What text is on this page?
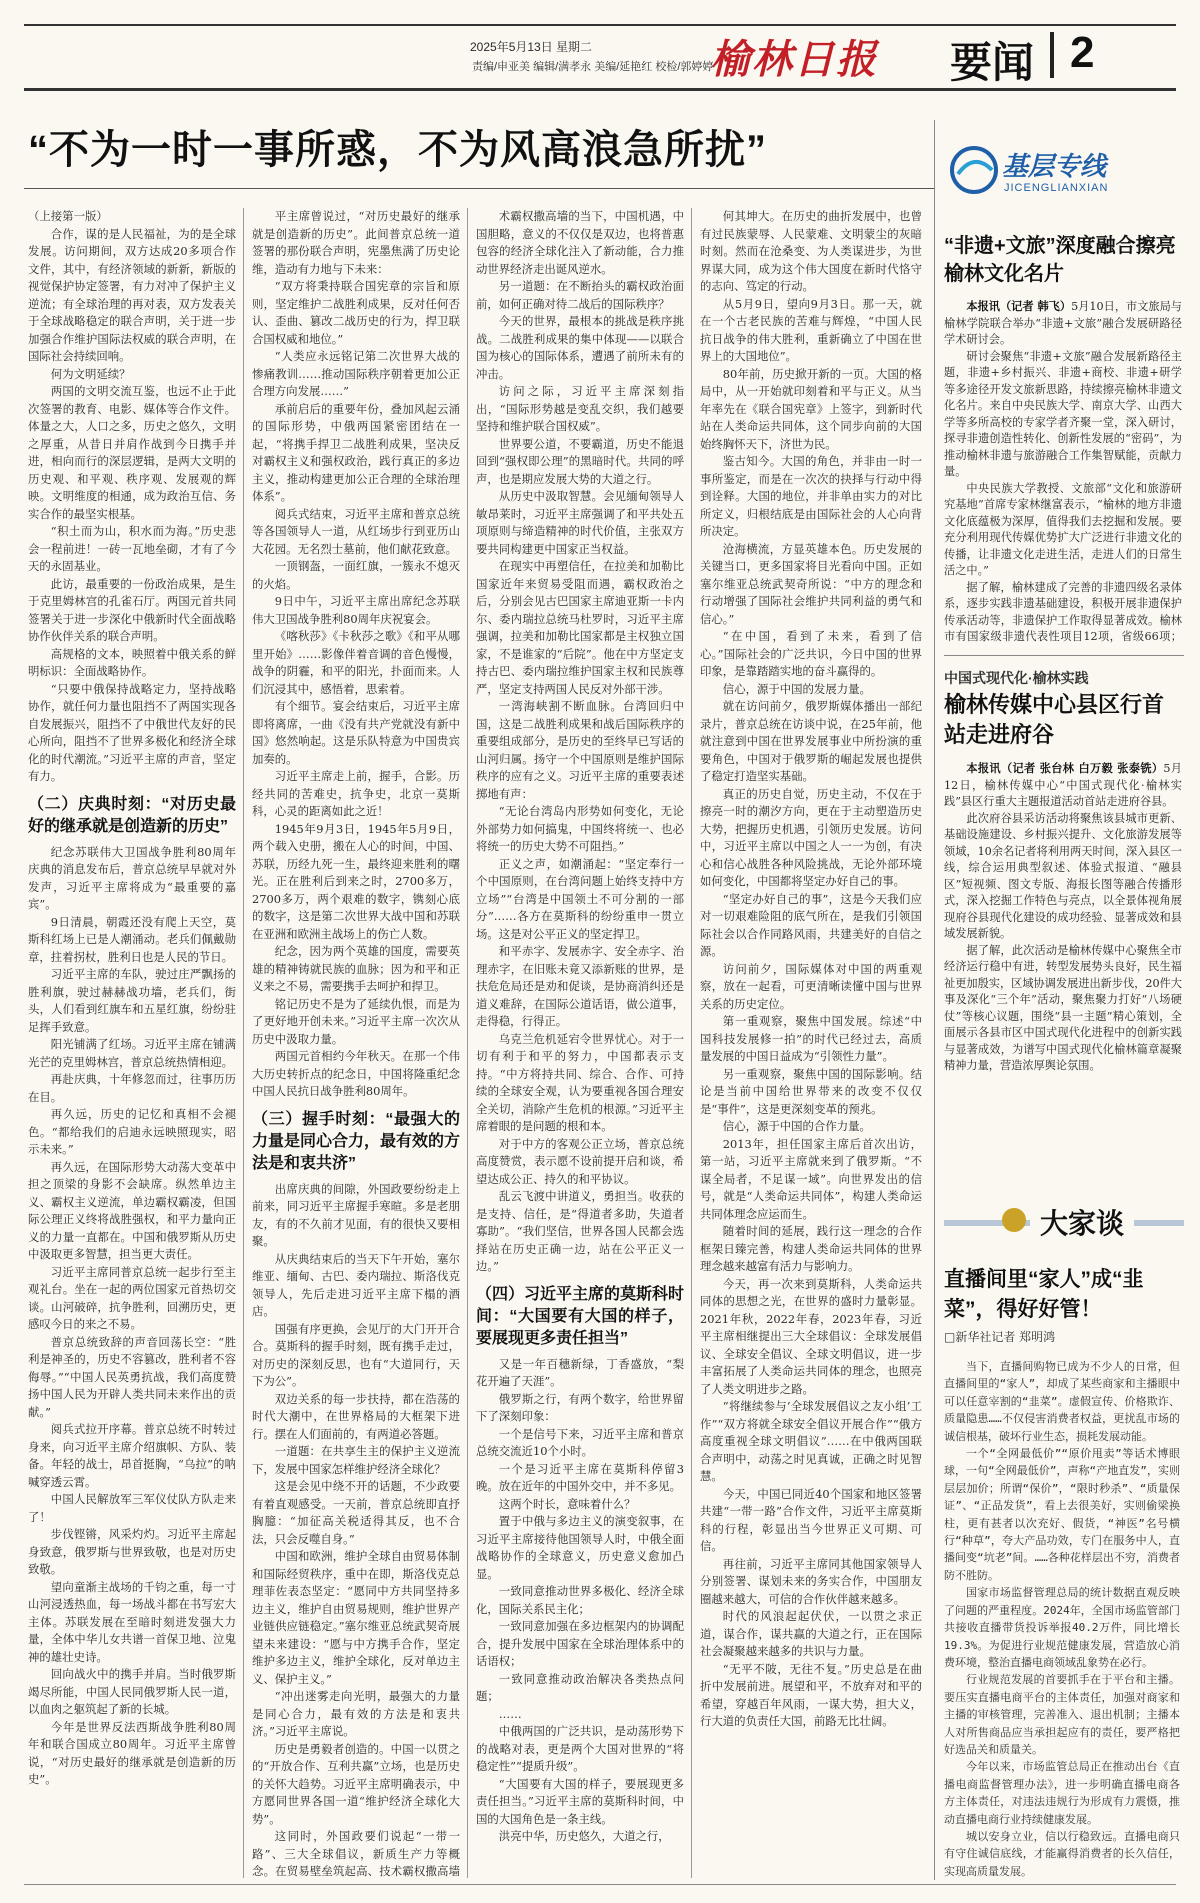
2025年5月13日 星期二
责编/申亚美 编辑/满孝永 美编/延艳红 校检/郭婷婷
榆林日报 要闻 2
“不为一时一事所惑，不为风高浪急所扰”

（上接第一版）

合作，谋的是人民福祉，为的是全球发展。访问期间，双方达成20多项合作文件，其中，有经济领域的新新，新版的视觉保护协定签署，有力对冲了保护主义逆流；有全球治理的再对表，双方发表关于全球战略稳定的联合声明，关于进一步加强合作维护国际法权威的联合声明，在国际社会持续回响。

何为文明延续？

两国的文明交流互鉴，也远不止于此次签署的教育、电影、媒体等合作文件。体量之大，人口之多，历史之悠久，文明之厚重，从昔日并肩作战到今日携手并进，相向而行的深层逻辑，是两大文明的历史观、和平观、秩序观、发展观的辉映。文明维度的相通，成为政治互信、务实合作的最坚实根基。

“积土而为山，积水而为海。”历史悲会一程前进！一砖一瓦地垒砌，才有了今天的永固基业。

此访，最重要的一份政治成果，是生于克里姆林宫的孔雀石厅。两国元首共同签署关于进一步深化中俄新时代全面战略协作伙伴关系的联合声明。

高规格的文本，映照着中俄关系的鲜明标识：全面战略协作。

“只要中俄保持战略定力，坚持战略协作，就任何力量也阻挡不了两国实现各自发展振兴，阻挡不了中俄世代友好的民心所向，阻挡不了世界多极化和经济全球化的时代潮流。”习近平主席的声音，坚定有力。

（二）庆典时刻：“对历史最好的继承就是创造新的历史”

纪念苏联伟大卫国战争胜利80周年庆典的消息发布后，普京总统早早就对外发声，习近平主席将成为“最重要的嘉宾”。

9日清晨，朝霞还没有爬上天空，莫斯科红场上已是人潮涌动。老兵们佩戴勋章，拄着拐杖，胜利日也是人民的节日。

习近平主席的车队，驶过庄严飘扬的胜利旗，驶过赫赫战功墙，老兵们，街头，人们看到红旗车和五星红旗，纷纷驻足挥手致意。

阳光铺满了红场。习近平主席在铺满光芒的克里姆林宫，普京总统热情相迎。

再赴庆典，十年修忽而过，往事历历在目。

再久远，历史的记忆和真相不会褪色。“都给我们的启迪永远映照现实，昭示未来。”

再久远，在国际形势大动荡大变革中担之顶梁的身影不会缺席。纵然单边主义、霸权主义逆流，单边霸权霸凌，但国际公理正义终将战胜强权，和平力量向正义的力量一直都在。中国和俄罗斯从历史中汲取更多智慧，担当更大责任。

习近平主席同普京总统一起步行至主观礼台。坐在一起的两位国家元首热切交谈。山河破碎，抗争胜利，回溯历史，更感叹今日的来之不易。

普京总统致辞的声音回荡长空：“胜利是神圣的，历史不容篡改，胜利者不容侮辱。”“中国人民英勇抗战，我们高度赞扬中国人民为开辟人类共同未来作出的贡献。”

阅兵式拉开序幕。普京总统不时转过身来，向习近平主席介绍旗帜、方队、装备。年轻的战士，昂首挺胸，“乌拉”的呐喊穿透云霄。

中国人民解放军三军仪仗队方队走来了！

步伐铿锵，风采灼灼。习近平主席起身致意，俄罗斯与世界致敬，也是对历史致敬。

望向童渐主战场的千钧之重，每一寸山河浸透热血，每一场战斗都在书写宏大主体。苏联发展在至暗时刻进发强大力量，全体中华儿女共谱一首保卫地、泣鬼神的雄壮史诗。

回向战火中的携手并肩。当时俄罗斯竭尽所能，中国人民同俄罗斯人民一道，以血肉之躯筑起了新的长城。

今年是世界反法西斯战争胜利80周年和联合国成立80周年。习近平主席曾说，“对历史最好的继承就是创造新的历史”。

平主席曾说过，“对历史最好的继承就是创造新的历史”。此间普京总统一道签署的那份联合声明，宪墨焦满了历史论维，造动有力地与下未来：

“双方将秉持联合国宪章的宗旨和原则，坚定维护二战胜利成果，反对任何否认、歪曲、篡改二战历史的行为，捍卫联合国权威和地位。”

“人类应永远铭记第二次世界大战的惨痛教训……推动国际秩序朝着更加公正合理方向发展……”

承前启后的重要年份，叠加风起云涌的国际形势，中俄两国紧密团结在一起，“将携手捍卫二战胜利成果，坚决反对霸权主义和强权政治，践行真正的多边主义，推动构建更加公正合理的全球治理体系”。

阅兵式结束，习近平主席和普京总统等各国领导人一道，从红场步行到亚历山大花园。无名烈士墓前，他们献花致意。

一顶钢盔，一面红旗，一簇永不熄灭的火焰。

9日中午，习近平主席出席纪念苏联伟大卫国战争胜利80周年庆祝宴会。

《喀秋莎》《卡秋莎之歌》《和平从哪里开始》……影像伴着音调的音色慢慢，战争的阴霾，和平的阳光，扑面而来。人们沉浸其中，感悟着，思索着。

有个细节。宴会结束后，习近平主席即将离席，一曲《没有共产党就没有新中国》悠然响起。这是乐队特意为中国贵宾加奏的。

习近平主席走上前，握手，合影。历经共同的苦难史，抗争史，北京一莫斯科，心灵的距离如此之近！

1945年9月3日，1945年5月9日，两个载入史册，搬在人心的时间，中国、苏联，历经九死一生，最终迎来胜利的曙光。正在胜利后到来之时，2700多万，2700多万，两个艰难的数字，镌刻心底的数字，这是第二次世界大战中国和苏联在亚洲和欧洲主战场上的伤亡人数。

纪念，因为两个英雄的国度，需要英雄的精神铸就民族的血脉；因为和平和正义来之不易，需要携手去呵护和捍卫。

铭记历史不是为了延续仇恨，而是为了更好地开创未来。”习近平主席一次次从历史中汲取力量。

两国元首相约今年秋天。在那一个伟大历史转折点的纪念日，中国将隆重纪念中国人民抗日战争胜利80周年。

（三）握手时刻：“最强大的力量是同心合力，最有效的方法是和衷共济”

出席庆典的间隙，外国政要纷纷走上前来，同习近平主席握手寒暄。多是老朋友，有的不久前才见面，有的很快又要相聚。

从庆典结束后的当天下午开始，塞尔维亚、缅甸、古巴、委内瑞拉、斯洛伐克领导人，先后走进习近平主席下榻的酒店。

国强有序更换，会见厅的大门开开合合。莫斯科的握手时刻，既有携手走过，对历史的深刻反思，也有“大道同行，天下为公”。

双边关系的每一步扶持，都在浩荡的时代大潮中，在世界格局的大框架下进行。摆在人们面前的，有两道必答题。

一道题：在共享生主的保护主义逆流下，发展中国家怎样维护经济全球化？

这是会见中绕不开的话题，不少政要有着直观感受。一天前，普京总统即直抒胸臆：“加征高关税适得其反，也不合法，只会反噬自身。”

中国和欧洲，维护全球自由贸易体制和国际经贸秩序，重中在即，斯洛伐克总理菲佐表态坚定：“愿同中方共同坚持多边主义，维护自由贸易规则，维护世界产业链供应链稳定。”塞尔维亚总统武契奇展望未来建设：“愿与中方携手合作，坚定维护多边主义，维护全球化，反对单边主义、保护主义。”

“冲出迷雾走向光明，最强大的力量是同心合力，最有效的方法是和衷共济。”习近平主席说。

历史是勇毅者创造的。中国一以贯之的“开放合作、互利共赢”立场，也是历史的关怀大趋势。习近平主席明确表示，中方愿同世界各国一道“维护经济全球化大势”。

这同时，外国政要们说起“一带一路”、三大全球倡议，新质生产力等概念。在贸易壁垒筑起高、技术霸权撒高墙

术霸权撒高墙的当下，中国机遇，中国胆略，意义的不仅仅是双边，也将普惠包容的经济全球化注入了新动能，合力推动世界经济走出诞风逆水。

另一道题：在不断抬头的霸权政治面前，如何正确对待二战后的国际秩序？

今天的世界，最根本的挑战是秩序挑战。二战胜利成果的集中体现——以联合国为核心的国际体系，遭遇了前所未有的冲击。

访问之际，习近平主席深刻指出，“国际形势越是变乱交织，我们越要坚持和维护联合国权威”。

世界要公道，不要霸道，历史不能退回到“强权即公理”的黑暗时代。共同的呼声，也是期应发展大势的大道之行。

从历史中汲取智慧。会见缅甸领导人敏昂莱时，习近平主席强调了和平共处五项原则与缔造精神的时代价值，主张双方要共同构建更中国家正当权益。

在现实中再塑信任，在拉美和加勒比国家近年来贸易受阻而遇，霸权政治之后，分别会见古巴国家主席迪亚斯一卡内尔、委内瑞拉总统马杜罗时，习近平主席强调，拉美和加勒比国家都是主权独立国家，不是谁家的“后院”。他在中方坚定支持古巴、委内瑞拉维护国家主权和民族尊严，坚定支持两国人民反对外部干涉。

一湾海峡割不断血脉。台湾回归中国，这是二战胜利成果和战后国际秩序的重要组成部分，是历史的至终早已写话的山河归属。扬守一个中国原则是维护国际秩序的应有之义。习近平主席的重要表述掷地有声：

“无论台湾岛内形势如何变化，无论外部势力如何搞鬼，中国终将统一、也必将统一的历史大势不可阻挡。”

正义之声，如潮涌起：“坚定奉行一个中国原则，在台湾问题上始终支持中方立场”“台湾是中国领土不可分割的一部分”……各方在莫斯科的纷纷重申一贯立场。这是对公平正义的坚定捍卫。

和平赤字、发展赤字、安全赤字、治理赤字，在旧账未竟又添新账的世界，是扶危危局还是劝和促谈，是协商消纠还是道义难辞，在国际公道话语，做公道事，走得稳，行得正。

乌克兰危机延宕令世界忧心。对于一切有利于和平的努力，中国都表示支持。“中方将持共同、综合、合作、可持续的全球安全观，认为要重视各国合理安全关切，消除产生危机的根源。”习近平主席着眼的是问题的根和本。

对于中方的客观公正立场，普京总统高度赞赏，表示愿不设前提开启和谈，希望达成公正、持久的和平协议。

乱云飞渡中讲道义，勇担当。收获的是支持、信任，是“得道者多助，失道者寡助”。“我们坚信，世界各国人民都会选择站在历史正确一边，站在公平正义一边。”

（四）习近平主席的莫斯科时间：“大国要有大国的样子，要展现更多责任担当”

又是一年百穗新绿，丁香盛放，“梨花开遍了天涯”。

俄罗斯之行，有两个数字，给世界留下了深刻印象：

一个是信号下来，习近平主席和普京总统交流近10个小时。

一个是习近平主席在莫斯科停留3晚。放在近年的中国外交中，并不多见。

这两个时长，意味着什么？

置于中俄与多边主义的演变叙事，在习近平主席接待他国领导人时，中俄全面战略协作的全球意义，历史意义愈加凸显。

一致同意推动世界多极化、经济全球化，国际关系民主化；

一致同意加强在多边框架内的协调配合，提升发展中国家在全球治理体系中的话语权；

一致同意推动政治解决各类热点问题；

……

中俄两国的广泛共识，是动荡形势下的战略对表，更是两个大国对世界的“将稳定性”“提质升级”。

“大国要有大国的样子，要展现更多责任担当。”习近平主席的莫斯科时间，中国的大国角色是一条主线。

洪亮中华，历史悠久，大道之行，

何其坤大。在历史的曲折发展中，也曾有过民族蒙辱、人民蒙难、文明蒙尘的灰暗时刻。然而在沧桑变、为人类谋进步，为世界谋大同，成为这个伟大国度在新时代恪守的志向、笃定的行动。

从5月9日，望向9月3日。那一天，就在一个古老民族的苦难与辉煌，“中国人民抗日战争的伟大胜利，重新确立了中国在世界上的大国地位”。

80年前，历史掀开新的一页。大国的格局中，从一开始就印刻着和平与正义。从当年率先在《联合国宪章》上签字，到新时代站在人类命运共同体，这个同步向前的大国始终胸怀天下，济世为民。

鉴古知今。大国的角色，并非由一时一事所鉴定，而是在一次次的抉择与行动中得到诠释。大国的地位，并非单由实力的对比所定义，归根结底是由国际社会的人心向背所决定。

沧海横流，方显英雄本色。历史发展的关键当口，更多国家将目光看向中国。正如塞尔维亚总统武契奇所说：“中方的理念和行动增强了国际社会维护共同利益的勇气和信心。”

“在中国，看到了未来，看到了信心。”国际社会的广泛共识，今日中国的世界印象，是靠踏踏实地的奋斗赢得的。

信心，源于中国的发展力量。

就在访问前夕，俄罗斯媒体播出一部纪录片，普京总统在访谈中说，在25年前，他就注意到中国在世界发展事业中所扮演的重要角色，中国对于俄罗斯的崛起发展也提供了稳定打造坚实基础。

真正的历史自觉，历史主动，不仅在于擦亮一时的潮汐方向，更在于主动塑造历史大势，把握历史机遇，引领历史发展。访问中，习近平主席以中国之人一一为创，有决心和信心战胜各种风险挑战，无论外部环境如何变化，中国都将坚定办好自己的事。

“坚定办好自己的事”，这是今天我们应对一切艰难险阻的底气所在，是我们引领国际社会以合作同路风雨，共建美好的自信之源。

访问前夕，国际媒体对中国的两重观察，放在一起看，可更清晰读懂中国与世界关系的历史定位。

第一重观察，聚焦中国发展。综述“中国科技发展修一拍”的时代已经过去，高质量发展的中国日益成为“引领性力量”。

另一重观察，聚焦中国的国际影响。结论是当前中国给世界带来的改变不仅仅是“事件”，这是更深刻变革的预兆。

信心，源于中国的合作力量。

2013年，担任国家主席后首次出访，第一站，习近平主席就来到了俄罗斯。“不谋全局者，不足谋一域”。向世界发出的信号，就是“人类命运共同体”，构建人类命运共同体理念应运而生。

随着时间的延展，践行这一理念的合作框架日臻完善，构建人类命运共同体的世界理念越来越富有活力与影响力。

今天，再一次来到莫斯科，人类命运共同体的思想之光，在世界的盛时力量彰显。2021年秋，2022年春，2023年春，习近平主席相继提出三大全球倡议：全球发展倡议、全球安全倡议、全球文明倡议，进一步丰富拓展了人类命运共同体的理念，也照亮了人类文明进步之路。

“将继续参与‘全球发展倡议之友小组’工作”“双方将就全球安全倡议开展合作”“俄方高度重视全球文明倡议”……在中俄两国联合声明中，动荡之时见真诚，正确之时见智慧。

今天，中国已同近40个国家和地区签署共建“一带一路”合作文件，习近平主席莫斯科的行程，彰显出当今世界正义可期、可信。

再往前，习近平主席同其他国家领导人分别签署、谋划未来的务实合作，中国朋友圈越来越大，可信的合作伙伴越来越多。

时代的风浪起起伏伏，一以贯之求正道，谋合作，谋共赢的大道之行，正在国际社会凝聚越来越多的共识与力量。

“无平不陂，无往不复。”历史总是在曲折中发展前进。展望和平，不放弃对和平的希望，穿越百年风雨，一谋大势，担大义，行大道的负责任大国，前路无比壮阔。

基层专线
JICENGLIANXIAN
“非遗+文旅”深度融合擦亮榆林文化名片

本报讯（记者 韩飞）5月10日，市文旅局与榆林学院联合举办“非遗+文旅”融合发展研路径学术研讨会。

研讨会聚焦“非遗+文旅”融合发展新路径主题，非遗+乡村振兴、非遗+商校、非遗+研学等多途径开发文旅新思路，持续擦亮榆林非遗文化名片。来自中央民族大学、南京大学、山西大学等多所高校的专家学者齐聚一堂，深入研讨，探寻非遗创造性转化、创新性发展的“密码”，为推动榆林非遗与旅游融合工作集智赋能，贡献力量。

中央民族大学教授、文旅部“文化和旅游研究基地”首席专家林继富表示，“榆林的地方非遗文化底蕴极为深厚，值得我们去挖掘和发展。要充分利用现代传媒优势扩大广泛进行非遗文化的传播，让非遗文化走进生活，走进人们的日常生活之中。”

据了解，榆林建成了完善的非遗四级名录体系，逐步实践非遗基础建设，积极开展非遗保护传承活动等，非遗保护工作取得显著成效。榆林市有国家级非遗代表性项目12项，省级66项；

中国式现代化·榆林实践
榆林传媒中心县区行首站走进府谷

本报讯（记者 张台林 白万毅 张泰铣）5月12日，榆林传媒中心“中国式现代化·榆林实践”县区行重大主题报道活动首站走进府谷县。

此次府谷县采访活动将聚焦该县城市更新、基础设施建设、乡村振兴提升、文化旅游发展等领域，10余名记者将利用两天时间，深入县区一线，综合运用典型叙述、体验式报道、“融县区”短视频、图文专版、海报长图等融合传播形式，深入挖掘工作特色与亮点，以全景体视角展现府谷县现代化建设的成功经验、显著成效和县域发展新貌。

据了解，此次活动是榆林传媒中心聚焦全市经济运行稳中有进，转型发展势头良好，民生福祉更加殷实，区域协调发展进出新步伐，20件大事及深化“三个年”活动，聚焦聚力打好“八场硬仗”等核心议题，围绕“县一主题”精心策划，全面展示各县市区中国式现代化进程中的创新实践与显著成效，为谱写中国式现代化榆林篇章凝聚精神力量，营造浓厚舆论氛围。

大家谈
直播间里“家人”成“韭菜”，得好好管！
□新华社记者 郑明鸿

当下，直播间购物已成为不少人的日常，但直播间里的“家人”，却成了某些商家和主播眼中可以任意宰割的“韭菜”。虚假宣传、价格欺诈、质量隐患……不仅侵害消费者权益，更扰乱市场的诚信根基，破坏行业生态，损耗发展动能。

一个“全网最低价”“原价甩卖”等话术博眼球，一句“全网最低价”，声称“产地直发”，实则层层加价；所谓“保价”，“限时秒杀”、“质量保证”、“正品发货”，看上去很美好，实则偷梁换柱，更有甚者以次充好、假货，“神医”名号横行“种草”，夸大产品功效，专门在服务中人，直播间变“坑老”间。……各种花样层出不穷，消费者防不胜防。

国家市场监督管理总局的统计数据直观反映了问题的严重程度。2024年，全国市场监管部门共接收直播带货投诉举报40.2万件，同比增长19.3%。为促进行业规范健康发展，营造放心消费环境，整治直播电商领域乱象势在必行。

行业规范发展的首要抓手在于平台和主播。要压实直播电商平台的主体责任，加强对商家和主播的审核管理，完善准入、退出机制；主播本人对所售商品应当承担起应有的责任，要严格把好选品关和质量关。

今年以来，市场监管总局正在推动出台《直播电商监督管理办法》，进一步明确直播电商各方主体责任，对违法违规行为形成有力震慑，推动直播电商行业持续健康发展。

城以安身立业，信以行稳致远。直播电商只有守住诚信底线，才能赢得消费者的长久信任，实现高质量发展。
